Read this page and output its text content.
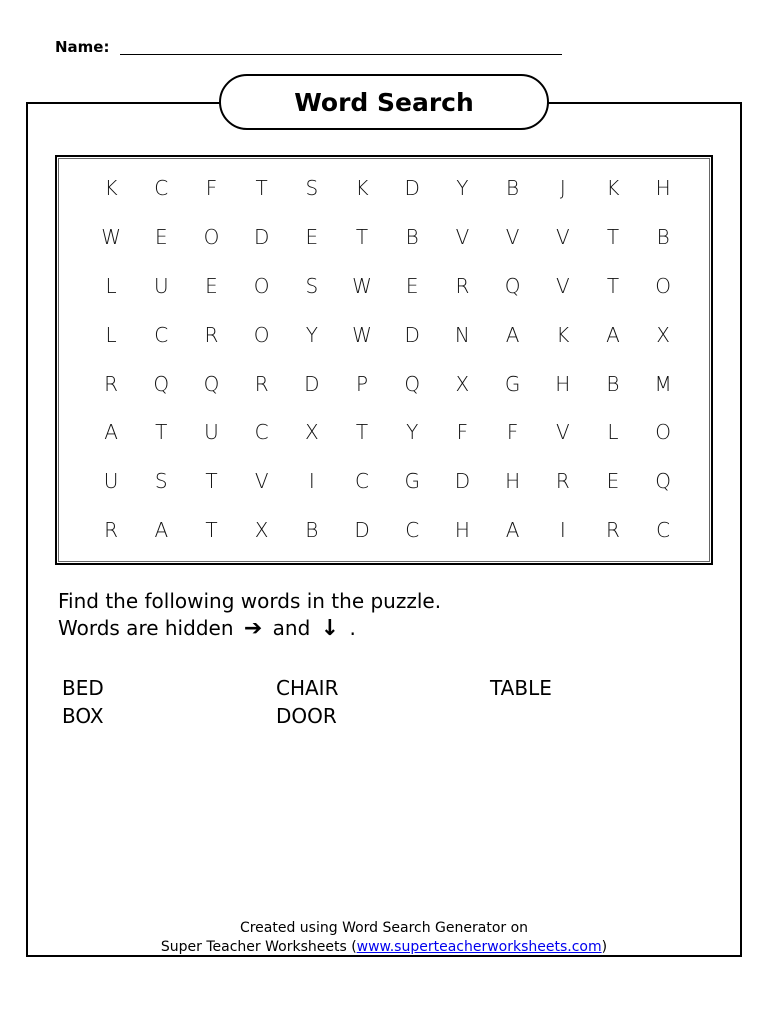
Name:
Word Search
K	C	F	T	S	K	D	Y	B	J	K	H
W	E	O	D	E	T	B	V	V	V	T	B
L	U	E	O	S	W	E	R	Q	V	T	O
L	C	R	O	Y	W	D	N	A	K	A	X
R	Q	Q	R	D	P	Q	X	G	H	B	M
A	T	U	C	X	T	Y	F	F	V	L	O
U	S	T	V	I	C	G	D	H	R	E	Q
R	A	T	X	B	D	C	H	A	I	R	C
Find the following words in the puzzle.
Words are hidden ➔ and ↓ .
BED	CHAIR	TABLE
BOX	DOOR
Created using Word Search Generator on
Super Teacher Worksheets (www.superteacherworksheets.com)
